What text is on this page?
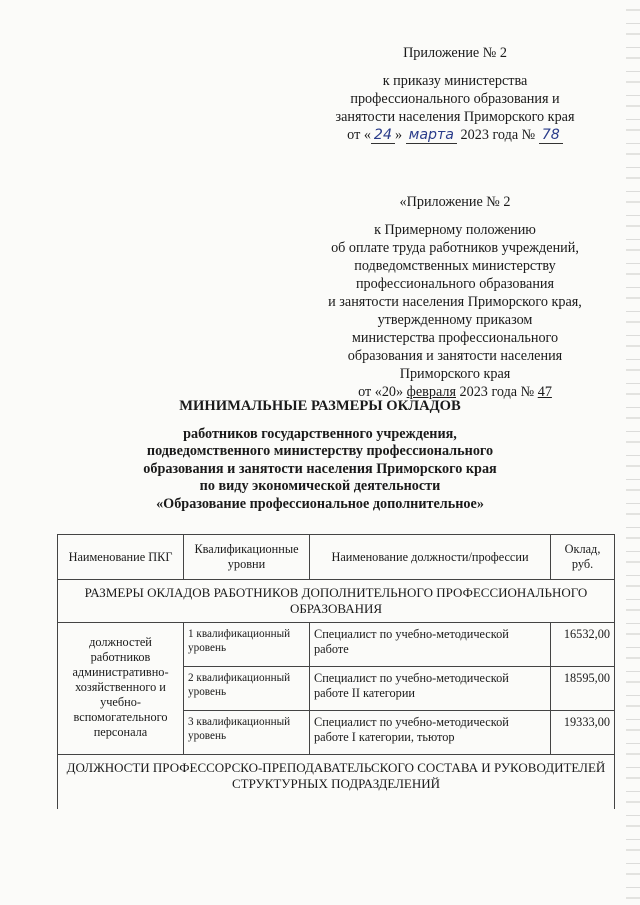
Приложение № 2
к приказу министерства
профессионального образования и
занятости населения Приморского края
от « 24 » марта 2023 года № 78
«Приложение № 2
к Примерному положению
об оплате труда работников учреждений,
подведомственных министерству
профессионального образования
и занятости населения Приморского края,
утвержденному приказом
министерства профессионального
образования и занятости населения
Приморского края
от «20» февраля 2023 года № 47
МИНИМАЛЬНЫЕ РАЗМЕРЫ ОКЛАДОВ
работников государственного учреждения,
подведомственного министерству профессионального
образования и занятости населения Приморского края
по виду экономической деятельности
«Образование профессиональное дополнительное»
Наименование ПКГ	Квалификационные уровни	Наименование должности/профессии	Оклад, руб.
РАЗМЕРЫ ОКЛАДОВ РАБОТНИКОВ ДОПОЛНИТЕЛЬНОГО ПРОФЕССИОНАЛЬНОГО ОБРАЗОВАНИЯ			
должностей работников административно-хозяйственного и учебно-вспомогательного персонала	1 квалификационный уровень	Специалист по учебно-методической работе	16532,00
	2 квалификационный уровень	Специалист по учебно-методической работе II категории	18595,00
	3 квалификационный уровень	Специалист по учебно-методической работе I категории, тьютор	19333,00
ДОЛЖНОСТИ ПРОФЕССОРСКО-ПРЕПОДАВАТЕЛЬСКОГО СОСТАВА И РУКОВОДИТЕЛЕЙ СТРУКТУРНЫХ ПОДРАЗДЕЛЕНИЙ			
